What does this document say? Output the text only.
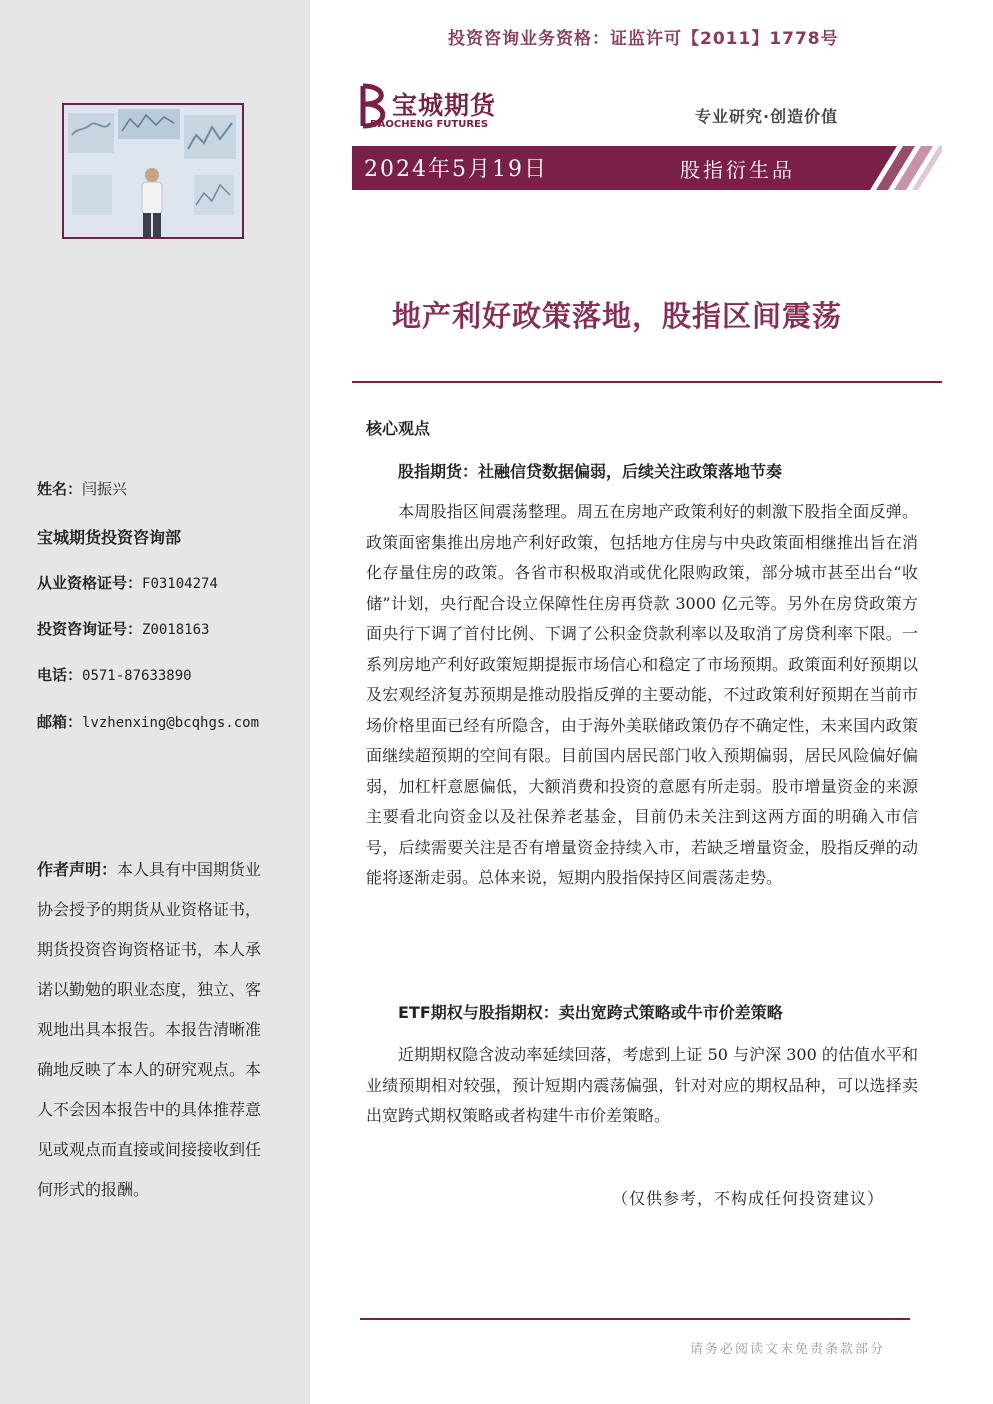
姓名：闫振兴
宝城期货投资咨询部
从业资格证号：F03104274
投资咨询证号：Z0018163
电话：0571-87633890
邮箱：lvzhenxing@bcqhgs.com
作者声明：本人具有中国期货业协会授予的期货从业资格证书，期货投资咨询资格证书，本人承诺以勤勉的职业态度，独立、客观地出具本报告。本报告清晰准确地反映了本人的研究观点。本人不会因本报告中的具体推荐意见或观点而直接或间接接收到任何形式的报酬。
投资咨询业务资格：证监许可【2011】1778号
宝城期货
BAOCHENG FUTURES	专业研究·创造价值
2024年5月19日	股指衍生品
地产利好政策落地，股指区间震荡
核心观点
股指期货：社融信贷数据偏弱，后续关注政策落地节奏
本周股指区间震荡整理。周五在房地产政策利好的刺激下股指全面反弹。政策面密集推出房地产利好政策，包括地方住房与中央政策面相继推出旨在消化存量住房的政策。各省市积极取消或优化限购政策，部分城市甚至出台“收储”计划，央行配合设立保障性住房再贷款 3000 亿元等。另外在房贷政策方面央行下调了首付比例、下调了公积金贷款利率以及取消了房贷利率下限。一系列房地产利好政策短期提振市场信心和稳定了市场预期。政策面利好预期以及宏观经济复苏预期是推动股指反弹的主要动能，不过政策利好预期在当前市场价格里面已经有所隐含，由于海外美联储政策仍存不确定性，未来国内政策面继续超预期的空间有限。目前国内居民部门收入预期偏弱，居民风险偏好偏弱，加杠杆意愿偏低，大额消费和投资的意愿有所走弱。股市增量资金的来源主要看北向资金以及社保养老基金，目前仍未关注到这两方面的明确入市信号，后续需要关注是否有增量资金持续入市，若缺乏增量资金，股指反弹的动能将逐渐走弱。总体来说，短期内股指保持区间震荡走势。
ETF期权与股指期权：卖出宽跨式策略或牛市价差策略
近期期权隐含波动率延续回落，考虑到上证 50 与沪深 300 的估值水平和业绩预期相对较强，预计短期内震荡偏强，针对对应的期权品种，可以选择卖出宽跨式期权策略或者构建牛市价差策略。
（仅供参考，不构成任何投资建议）
请务必阅读文末免责条款部分
